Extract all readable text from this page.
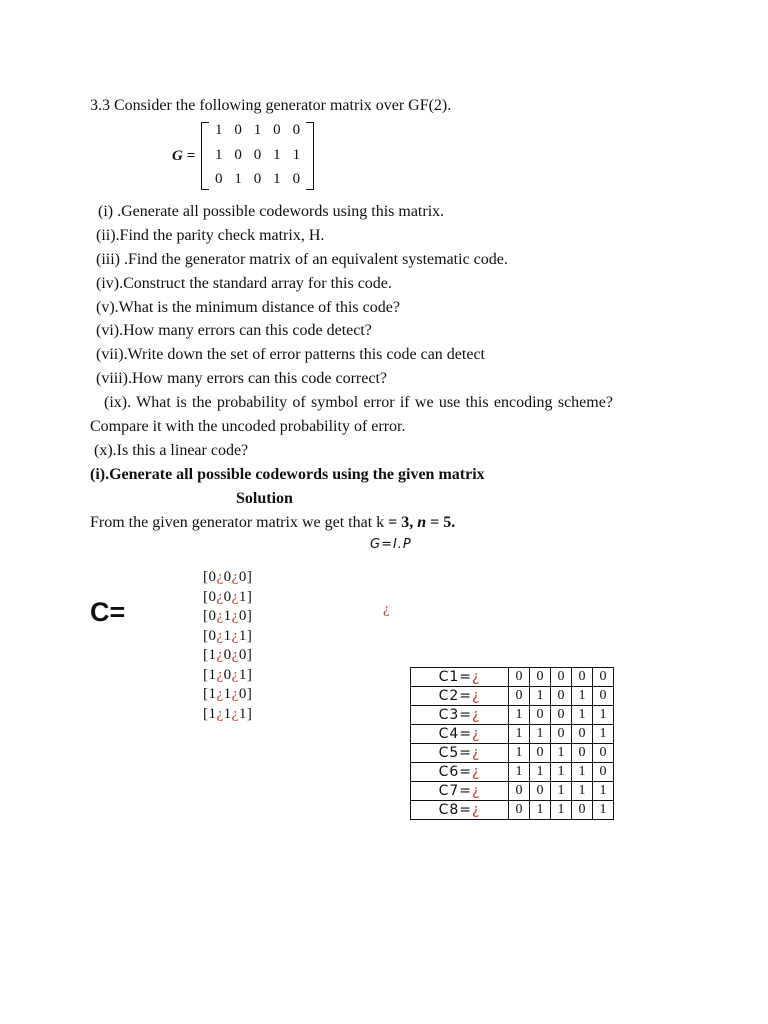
3.3 Consider the following generator matrix over GF(2).
G =
1 0 1 0 0
1 0 0 1 1
0 1 0 1 0
(i) .Generate all possible codewords using this matrix.
(ii).Find the parity check matrix, H.
(iii) .Find the generator matrix of an equivalent systematic code.
(iv).Construct the standard array for this code.
(v).What is the minimum distance of this code?
(vi).How many errors can this code detect?
(vii).Write down the set of error patterns this code can detect
(viii).How many errors can this code correct?
(ix). What is the probability of symbol error if we use this encoding scheme?
Compare it with the uncoded probability of error.
(x).Is this a linear code?
(i).Generate all possible codewords using the given matrix
Solution
From the given generator matrix we get that k = 3, n = 5.
G=I.P
C=
[0¿0¿0]
[0¿0¿1]
[0¿1¿0]
[0¿1¿1]
[1¿0¿0]
[1¿0¿1]
[1¿1¿0]
[1¿1¿1]
¿
C1=¿	0	0	0	0	0
C2=¿	0	1	0	1	0
C3=¿	1	0	0	1	1
C4=¿	1	1	0	0	1
C5=¿	1	0	1	0	0
C6=¿	1	1	1	1	0
C7=¿	0	0	1	1	1
C8=¿	0	1	1	0	1
